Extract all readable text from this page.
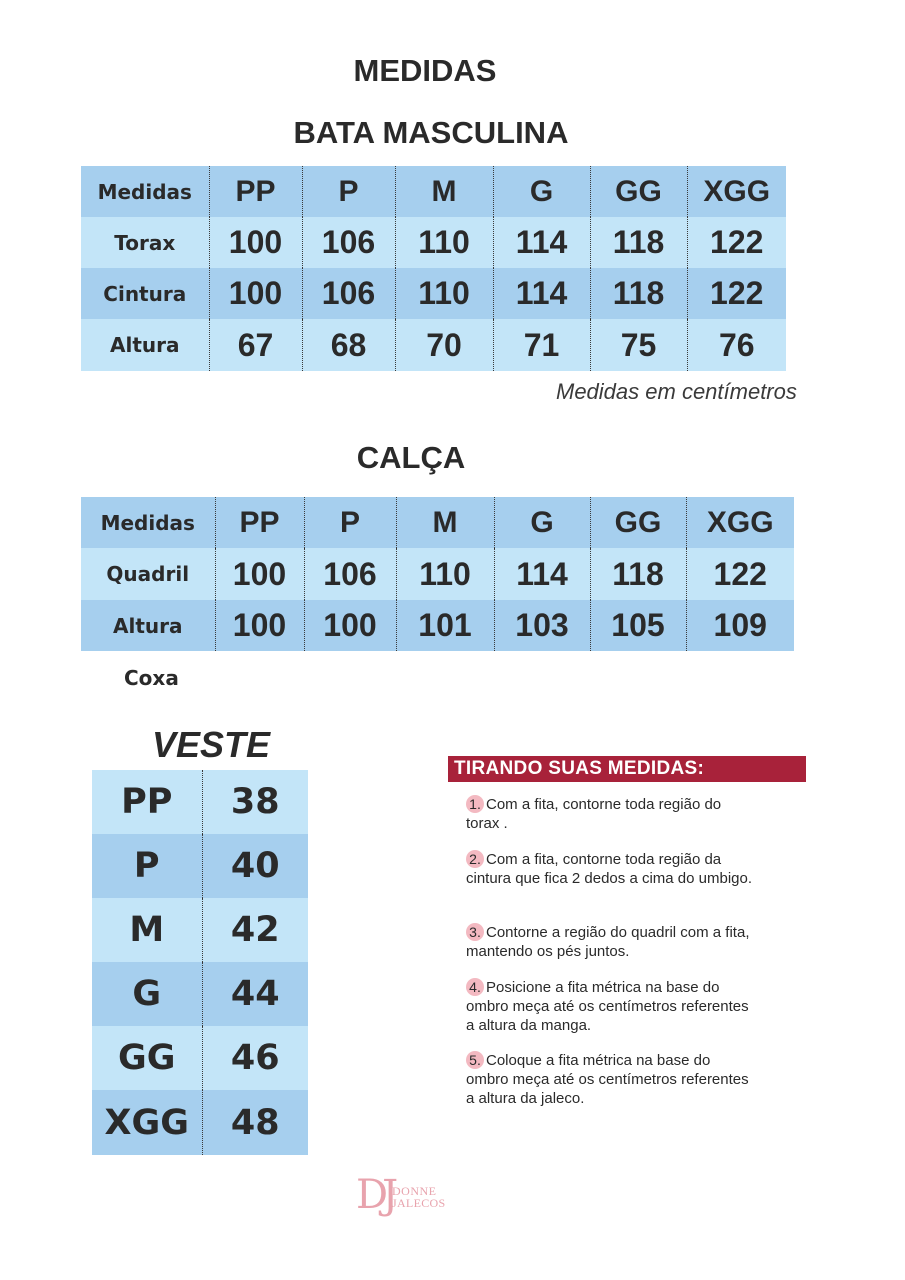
MEDIDAS
BATA MASCULINA
Medidas	PP	P	M	G	GG	XGG
Torax	100	106	110	114	118	122
Cintura	100	106	110	114	118	122
Altura	67	68	70	71	75	76
Medidas em centímetros
CALÇA
Medidas	PP	P	M	G	GG	XGG
Quadril	100	106	110	114	118	122
Altura	100	100	101	103	105	109
Coxa
VESTE
PP	38
P	40
M	42
G	44
GG	46
XGG	48
TIRANDO SUAS MEDIDAS:
1. Com a fita, contorne toda região do torax .
2. Com a fita, contorne toda região da cintura que fica 2 dedos a cima do umbigo.
3. Contorne a região do quadril com a fita, mantendo os pés juntos.
4. Posicione a fita métrica na base do ombro meça até os centímetros referentes a altura da manga.
5. Coloque a fita métrica na base do ombro meça até os centímetros referentes a altura da jaleco.
DJ DONNE
JALECOS
